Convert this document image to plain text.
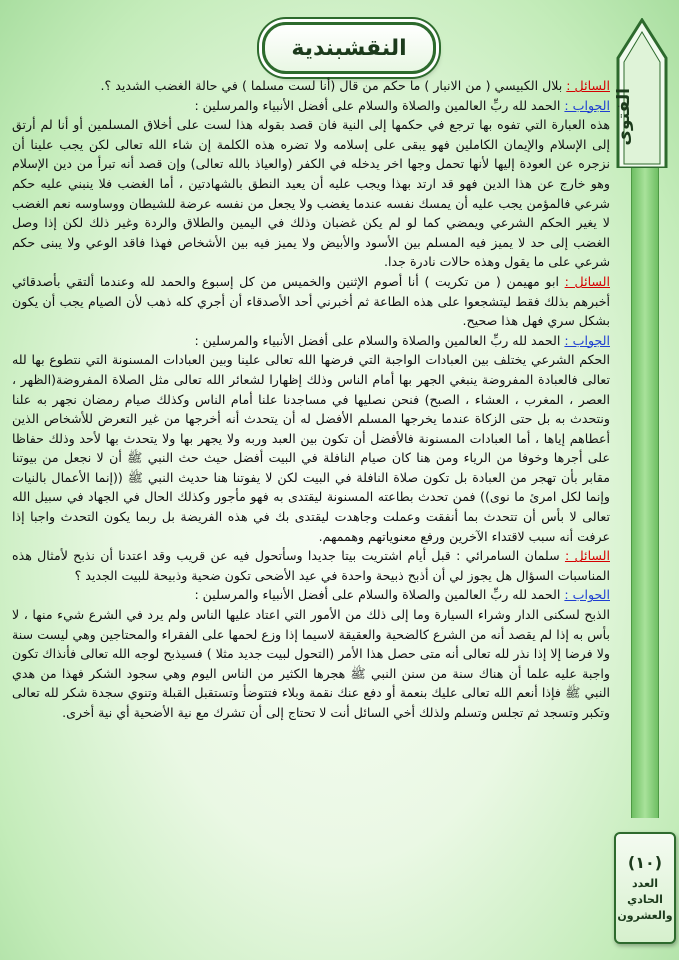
النقشبندية
الفتوى
(١٠)
العدد
الحادي
والعشرون

السائل : بلال الكبيسي ( من الانبار ) ما حكم من قال (أنا لست مسلما ) في حالة الغضب الشديد ؟.

الجواب : الحمد لله ربِّ العالمين والصلاة والسلام على أفضل الأنبياء والمرسلين :

هذه العبارة التي تفوه بها ترجع في حكمها إلى النية فان قصد بقوله هذا لست على أخلاق المسلمين أو أنا لم أرتق إلى الإسلام والإيمان الكاملين فهو يبقى على إسلامه ولا تضره هذه الكلمة إن شاء الله تعالى لكن يجب علينا أن نزجره عن العودة إليها لأنها تحمل وجها اخر يدخله في الكفر (والعياذ بالله تعالى) وإن قصد أنه تبرأ من دين الإسلام وهو خارج عن هذا الدين فهو قد ارتد بهذا ويجب عليه أن يعيد النطق بالشهادتين ، أما الغضب فلا ينبني عليه حكم شرعي فالمؤمن يجب عليه أن يمسك نفسه عندما يغضب ولا يجعل من نفسه عرضة للشيطان ووساوسه نعم الغضب لا يغير الحكم الشرعي ويمضي كما لو لم يكن غضبان وذلك في اليمين والطلاق والردة وغير ذلك لكن إذا وصل الغضب إلى حد لا يميز فيه المسلم بين الأسود والأبيض ولا يميز فيه بين الأشخاص فهذا فاقد الوعي ولا يبنى حكم شرعي على ما يقول وهذه حالات نادرة جدا.

السائل : ابو مهيمن ( من تكريت ) أنا أصوم الإثنين والخميس من كل إسبوع والحمد لله وعندما ألتقي بأصدقائي أخبرهم بذلك فقط ليتشجعوا على هذه الطاعة ثم أخبرني أحد الأصدقاء أن أجري كله ذهب لأن الصيام يجب أن يكون بشكل سري فهل هذا صحيح.

الجواب : الحمد لله ربِّ العالمين والصلاة والسلام على أفضل الأنبياء والمرسلين :

الحكم الشرعي يختلف بين العبادات الواجبة التي فرضها الله تعالى علينا وبين العبادات المسنونة التي نتطوع بها لله تعالى فالعبادة المفروضة ينبغي الجهر بها أمام الناس وذلك إظهارا لشعائر الله تعالى مثل الصلاة المفروضة(الظهر ، العصر ، المغرب ، العشاء ، الصبح) فنحن نصليها في مساجدنا علنا أمام الناس وكذلك صيام رمضان نجهر به علنا ونتحدث به بل حتى الزكاة عندما يخرجها المسلم الأفضل له أن يتحدث أنه أخرجها من غير التعرض للأشخاص الذين أعطاهم إياها ، أما العبادات المسنونة فالأفضل أن تكون بين العبد وربه ولا يجهر بها ولا يتحدث بها لأحد وذلك حفاظا على أجرها وخوفا من الرياء ومن هنا كان صيام النافلة في البيت أفضل حيث حث النبي ﷺ أن لا نجعل من بيوتنا مقابر بأن تهجر من العبادة بل تكون صلاة النافلة في البيت لكن لا يفوتنا هنا حديث النبي ﷺ ((إنما الأعمال بالنيات وإنما لكل امرئ ما نوى)) فمن تحدث بطاعته المسنونة ليقتدى به فهو مأجور وكذلك الحال في الجهاد في سبيل الله تعالى لا بأس أن تتحدث بما أنفقت وعملت وجاهدت ليقتدى بك في هذه الفريضة بل ربما يكون التحدث واجبا إذا عرفت أنه سبب لاقتداء الآخرين ورفع معنوياتهم وهممهم.

السائل : سلمان السامرائي : قبل أيام اشتريت بيتا جديدا وسأتحول فيه عن قريب وقد اعتدنا أن نذبح لأمثال هذه المناسبات السؤال هل يجوز لي أن أذبح ذبيحة واحدة في عيد الأضحى تكون ضحية وذبيحة للبيت الجديد ؟

الجواب : الحمد لله ربِّ العالمين والصلاة والسلام على أفضل الأنبياء والمرسلين :

الذبح لسكنى الدار وشراء السيارة وما إلى ذلك من الأمور التي اعتاد عليها الناس ولم يرد في الشرع شيء منها ، لا بأس به إذا لم يقصد أنه من الشرع كالضحية والعقيقة لاسيما إذا وزع لحمها على الفقراء والمحتاجين وهي ليست سنة ولا فرضا إلا إذا نذر لله تعالى أنه متى حصل هذا الأمر (التحول لبيت جديد مثلا ) فسيذبح لوجه الله تعالى فأنذاك تكون واجبة عليه علما أن هناك سنة من سنن النبي ﷺ هجرها الكثير من الناس اليوم وهي سجود الشكر فهذا من هدي النبي ﷺ فإذا أنعم الله تعالى عليك بنعمة أو دفع عنك نقمة وبلاء فتتوضأ وتستقبل القبلة وتنوي سجدة شكر لله تعالى وتكبر وتسجد ثم تجلس وتسلم ولذلك أخي السائل أنت لا تحتاج إلى أن تشرك مع نية الأضحية أي نية أخرى.
